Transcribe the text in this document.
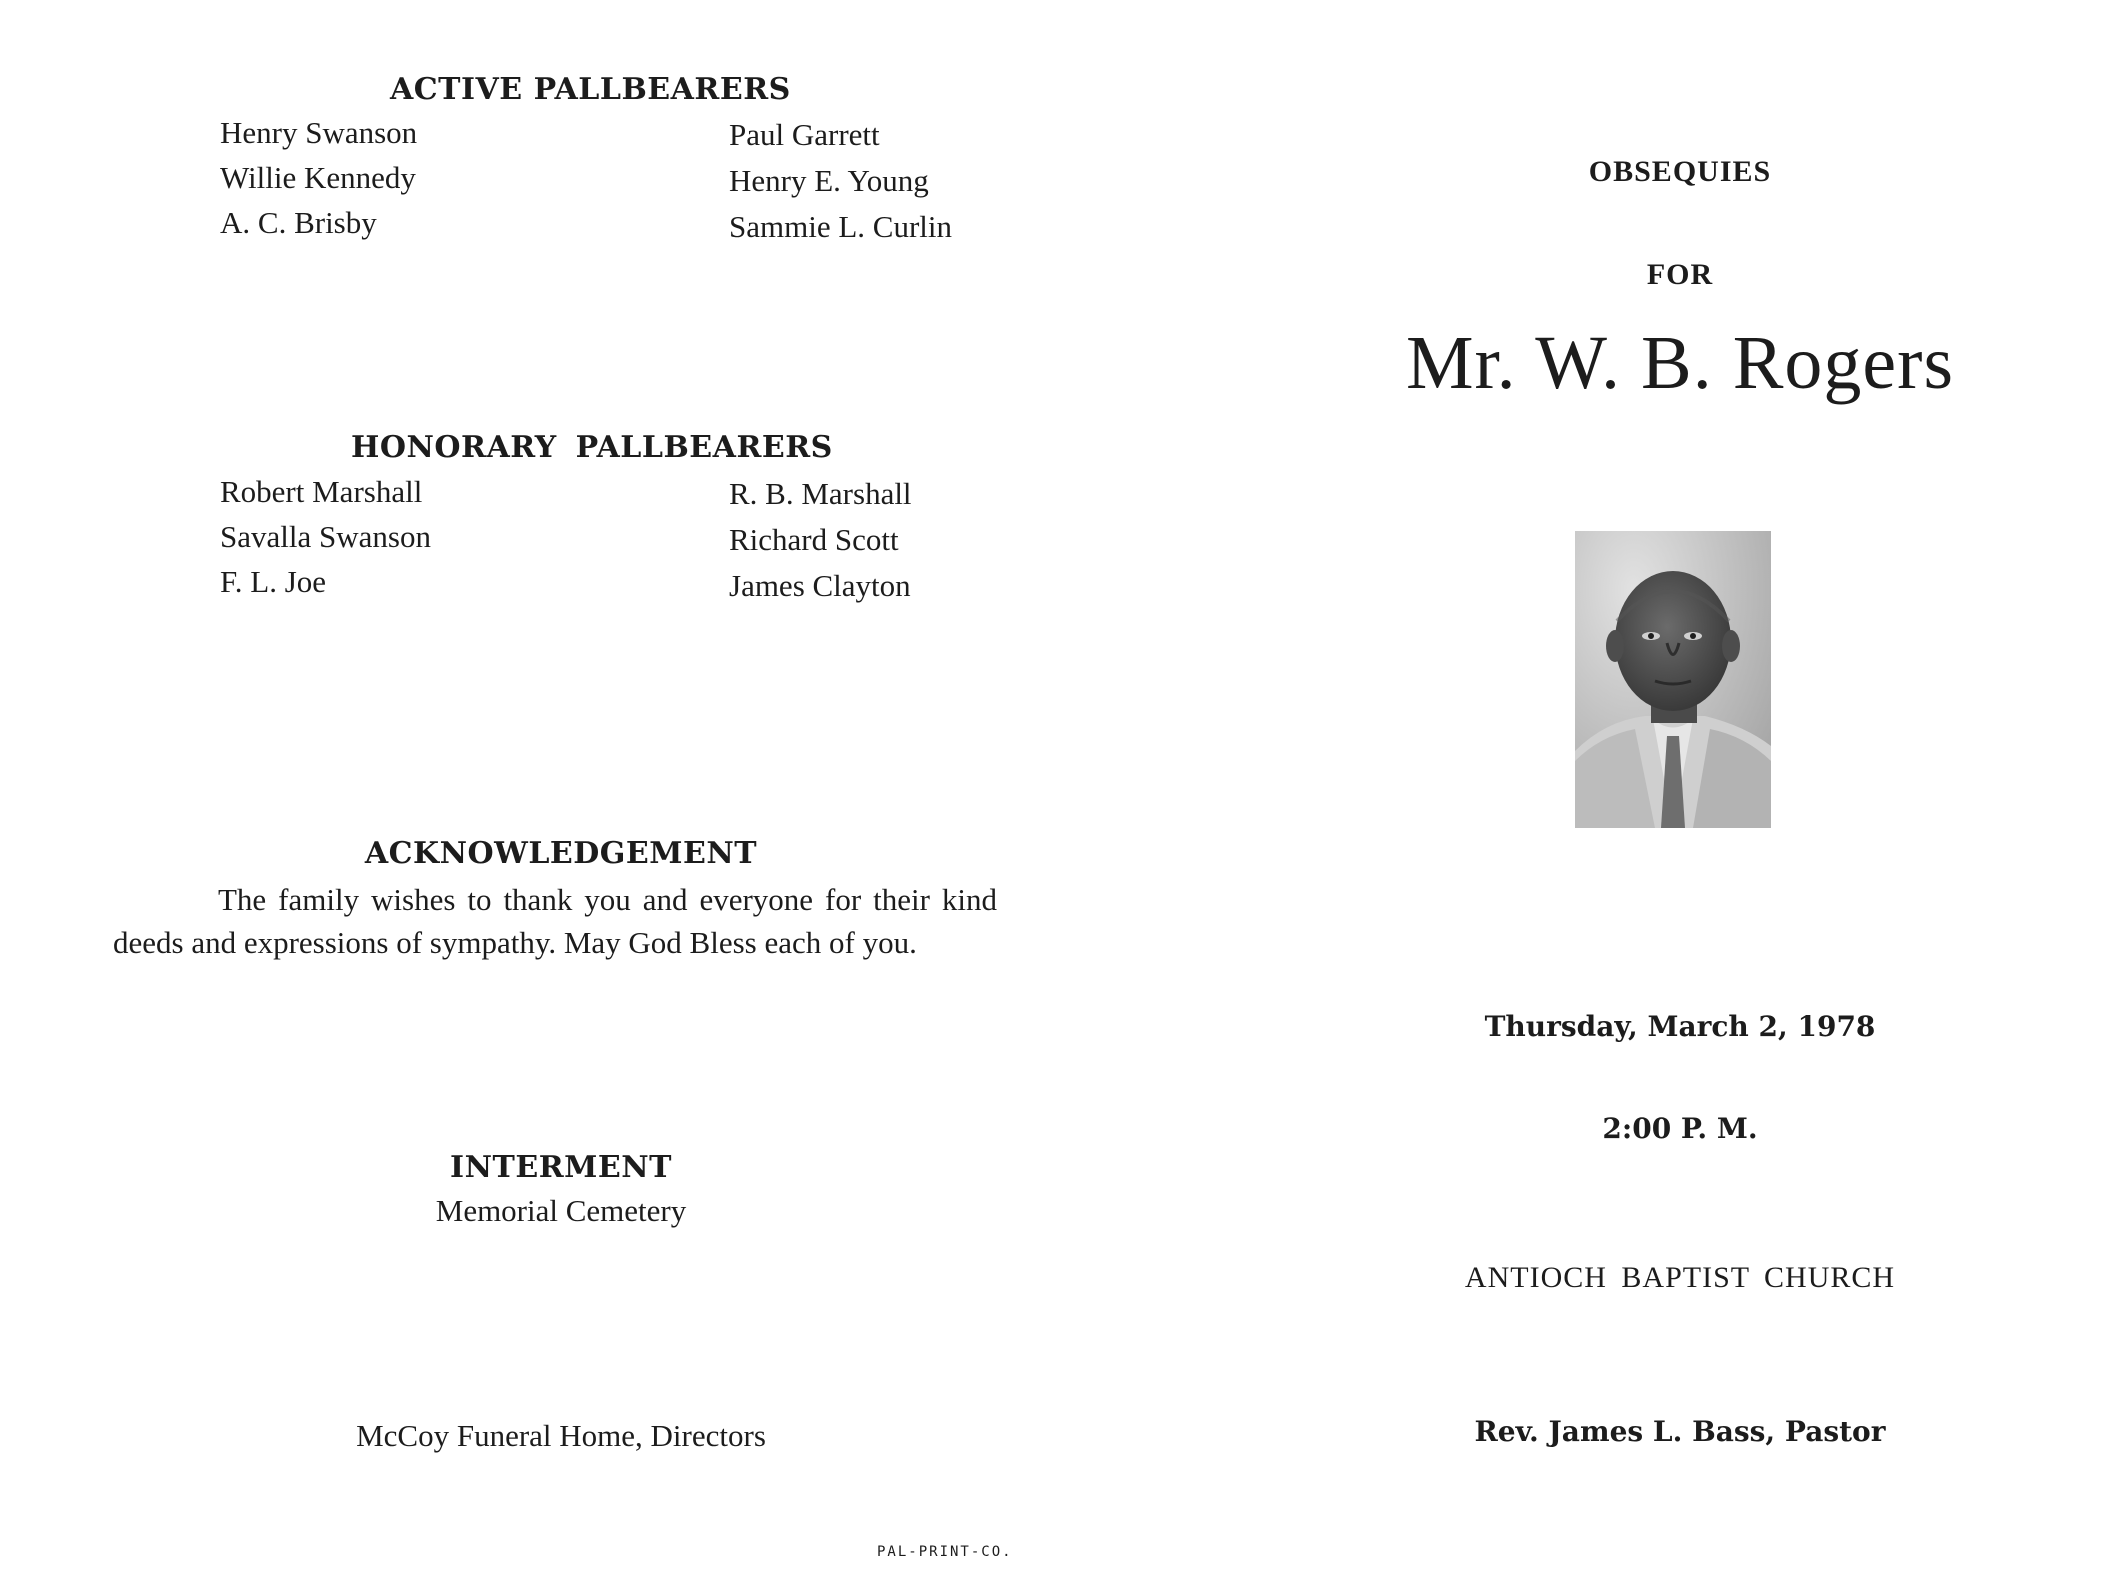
ACTIVE PALLBEARERS
Henry Swanson
Willie Kennedy
A. C. Brisby
Paul Garrett
Henry E. Young
Sammie L. Curlin
HONORARY PALLBEARERS
Robert Marshall
Savalla Swanson
F. L. Joe
R. B. Marshall
Richard Scott
James Clayton
ACKNOWLEDGEMENT
The family wishes to thank you and everyone for their kind deeds and expressions of sympathy. May God Bless each of you.
INTERMENT
Memorial Cemetery
McCoy Funeral Home, Directors
PAL-PRINT-CO.
OBSEQUIES
FOR
Mr. W. B. Rogers
Thursday, March 2, 1978
2:00 P. M.
ANTIOCH BAPTIST CHURCH
Rev. James L. Bass, Pastor
